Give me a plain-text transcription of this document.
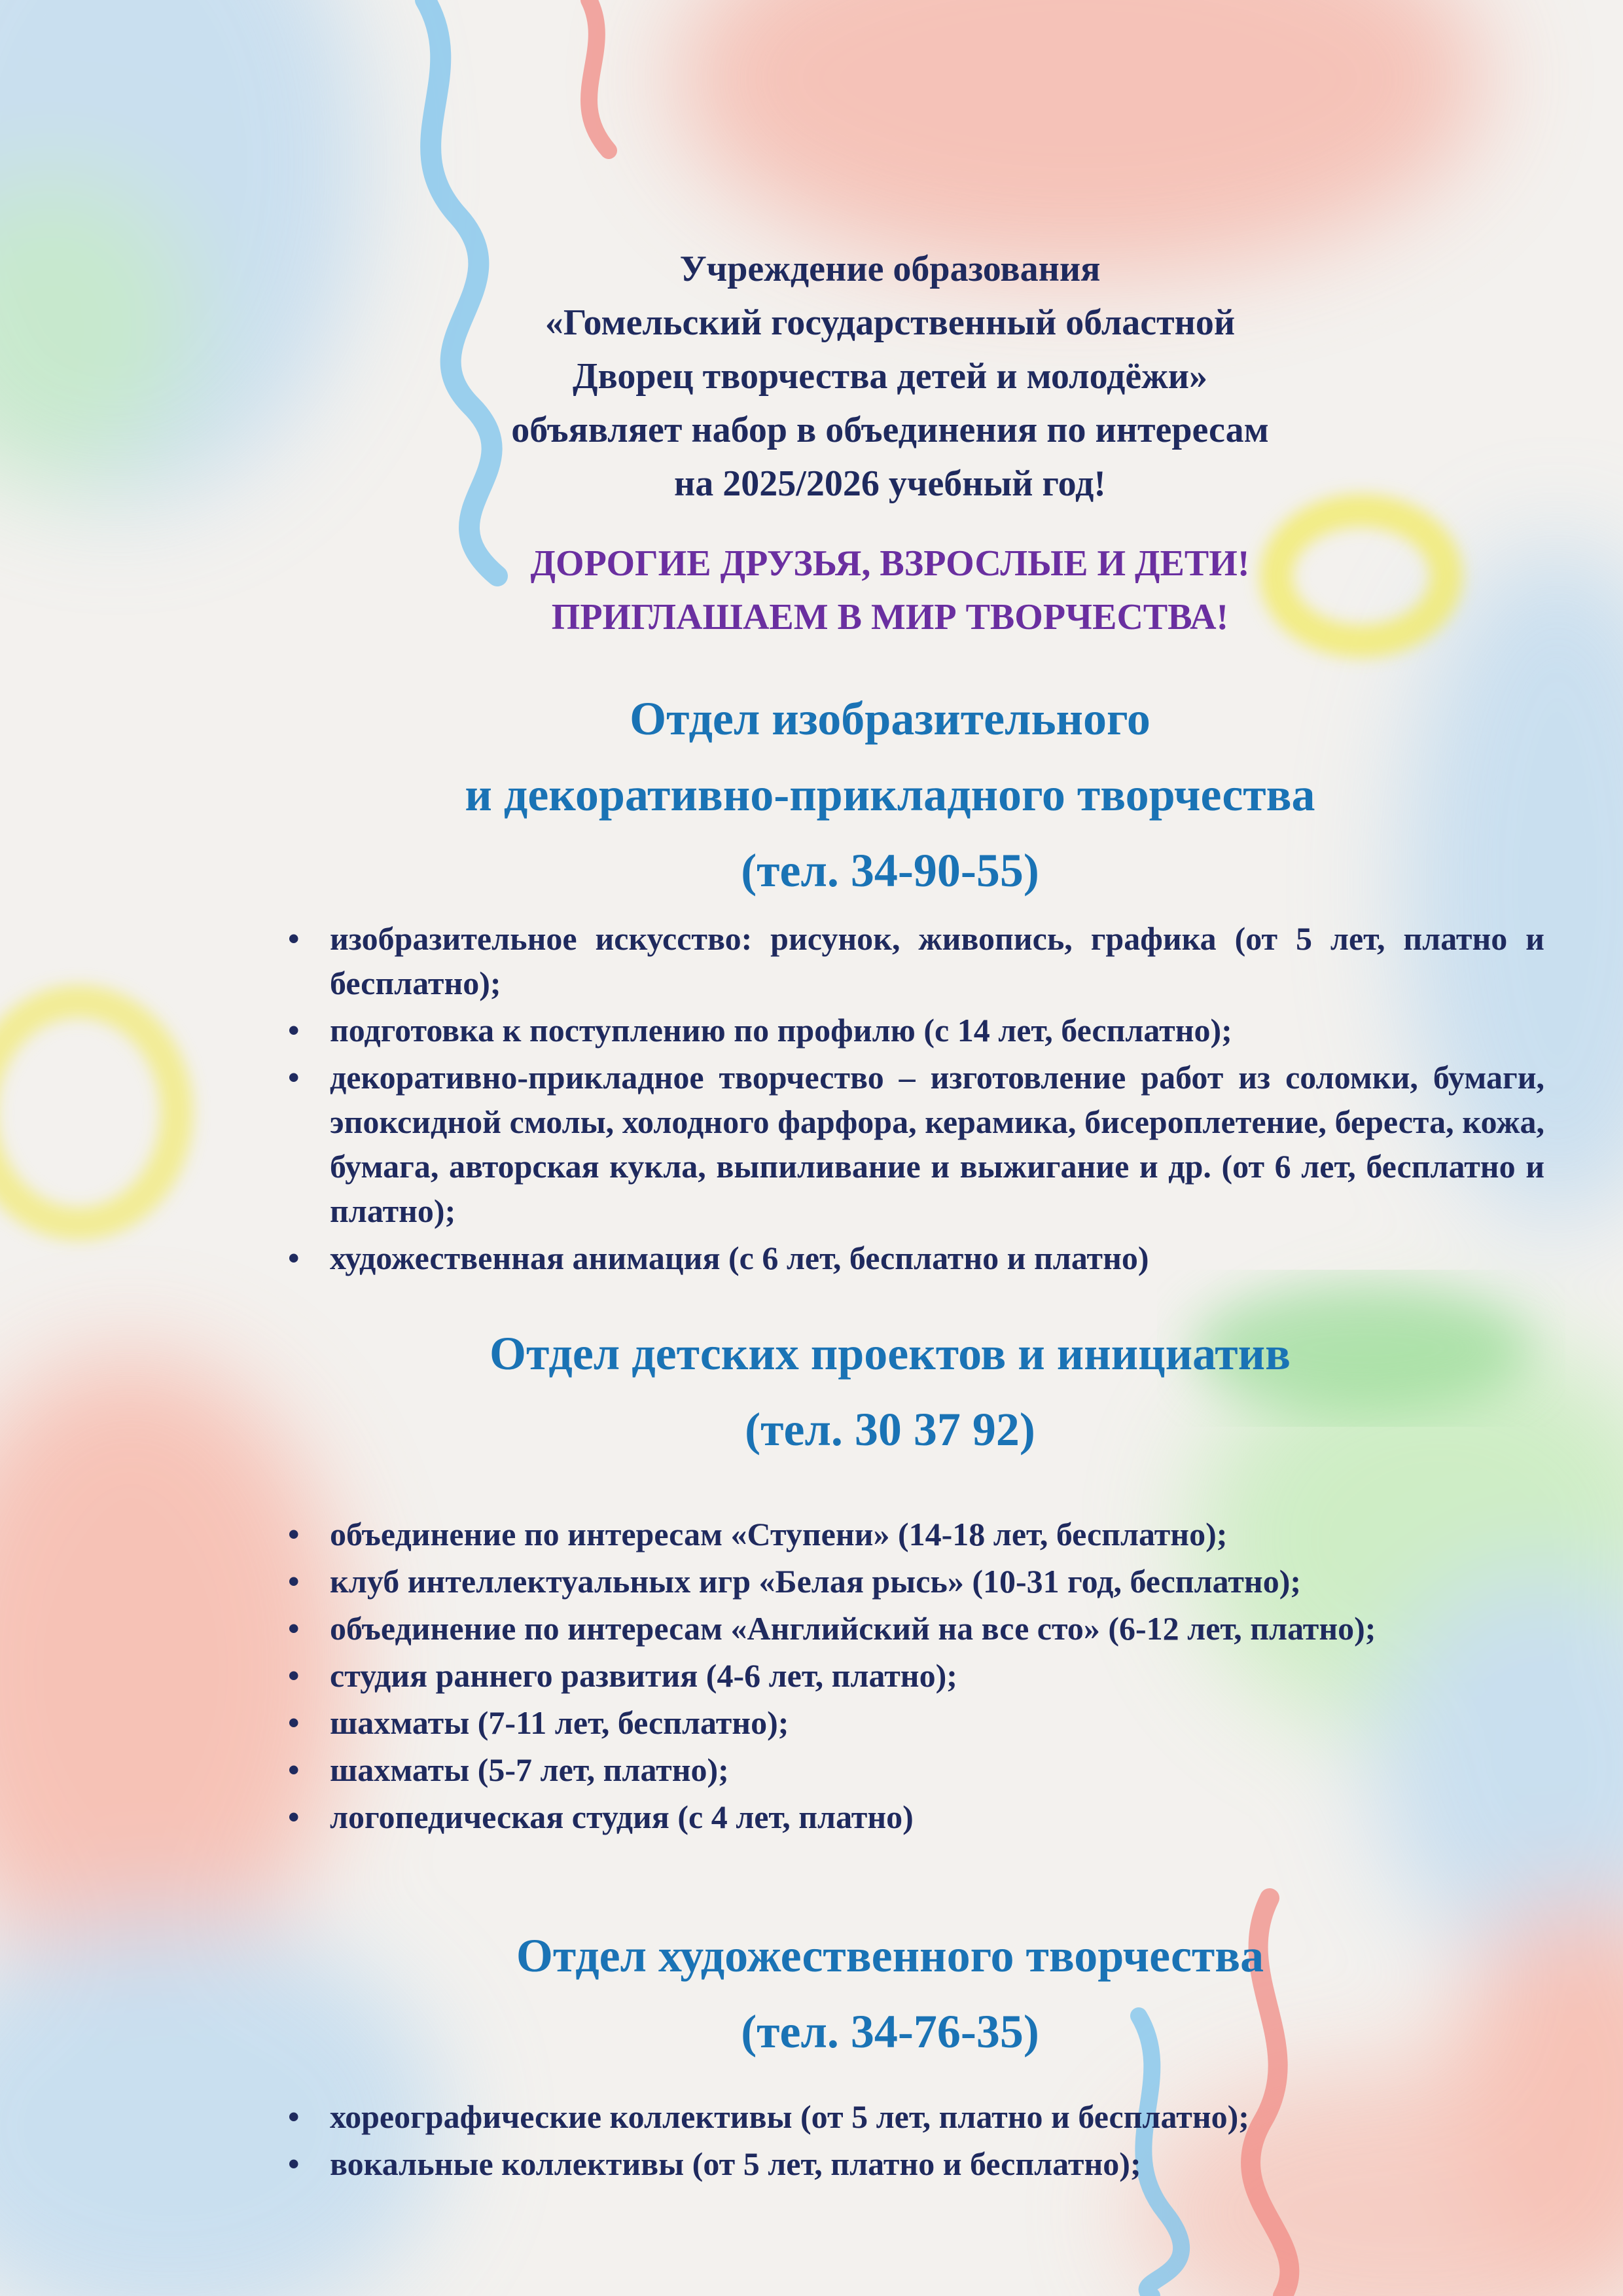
Учреждение образования
«Гомельский государственный областной
Дворец творчества детей и молодёжи»
объявляет набор в объединения по интересам
на 2025/2026 учебный год!
ДОРОГИЕ ДРУЗЬЯ, ВЗРОСЛЫЕ И ДЕТИ!
ПРИГЛАШАЕМ В МИР ТВОРЧЕСТВА!
Отдел изобразительного
и декоративно-прикладного творчества
(тел. 34-90-55)
• изобразительное искусство: рисунок, живопись, графика (от 5 лет, платно и бесплатно);
• подготовка к поступлению по профилю (с 14 лет, бесплатно);
• декоративно-прикладное творчество – изготовление работ из соломки, бумаги, эпоксидной смолы, холодного фарфора, керамика, бисероплетение, береста, кожа, бумага, авторская кукла, выпиливание и выжигание и др. (от 6 лет, бесплатно и платно);
• художественная анимация (с 6 лет, бесплатно и платно)
Отдел детских проектов и инициатив
(тел. 30 37 92)
• объединение по интересам «Ступени» (14-18 лет, бесплатно);
• клуб интеллектуальных игр «Белая рысь» (10-31 год, бесплатно);
• объединение по интересам «Английский на все сто» (6-12 лет, платно);
• студия раннего развития (4-6 лет, платно);
• шахматы (7-11 лет, бесплатно);
• шахматы (5-7 лет, платно);
• логопедическая студия (с 4 лет, платно)
Отдел художественного творчества
(тел. 34-76-35)
• хореографические коллективы (от 5 лет, платно и бесплатно);
• вокальные коллективы (от 5 лет, платно и бесплатно);
